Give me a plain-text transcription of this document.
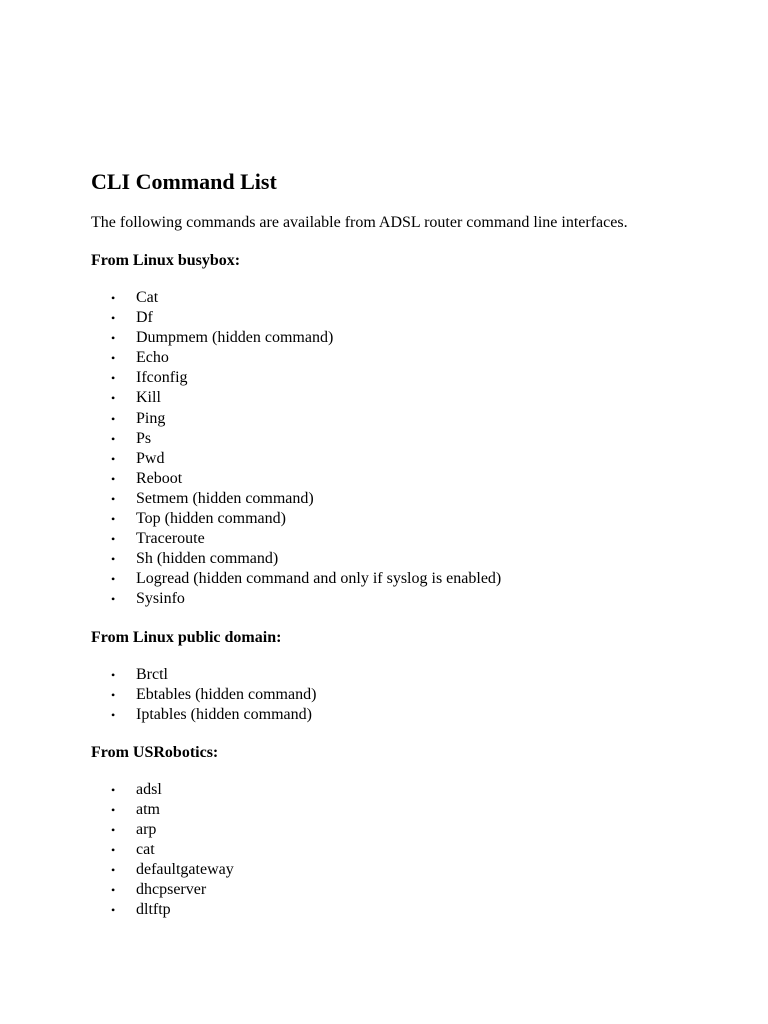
CLI Command List

The following commands are available from ADSL router command line interfaces.

From Linux busybox:

• Cat
• Df
• Dumpmem (hidden command)
• Echo
• Ifconfig
• Kill
• Ping
• Ps
• Pwd
• Reboot
• Setmem (hidden command)
• Top (hidden command)
• Traceroute
• Sh (hidden command)
• Logread (hidden command and only if syslog is enabled)
• Sysinfo

From Linux public domain:

• Brctl
• Ebtables (hidden command)
• Iptables (hidden command)

From USRobotics:

• adsl
• atm
• arp
• cat
• defaultgateway
• dhcpserver
• dltftp
